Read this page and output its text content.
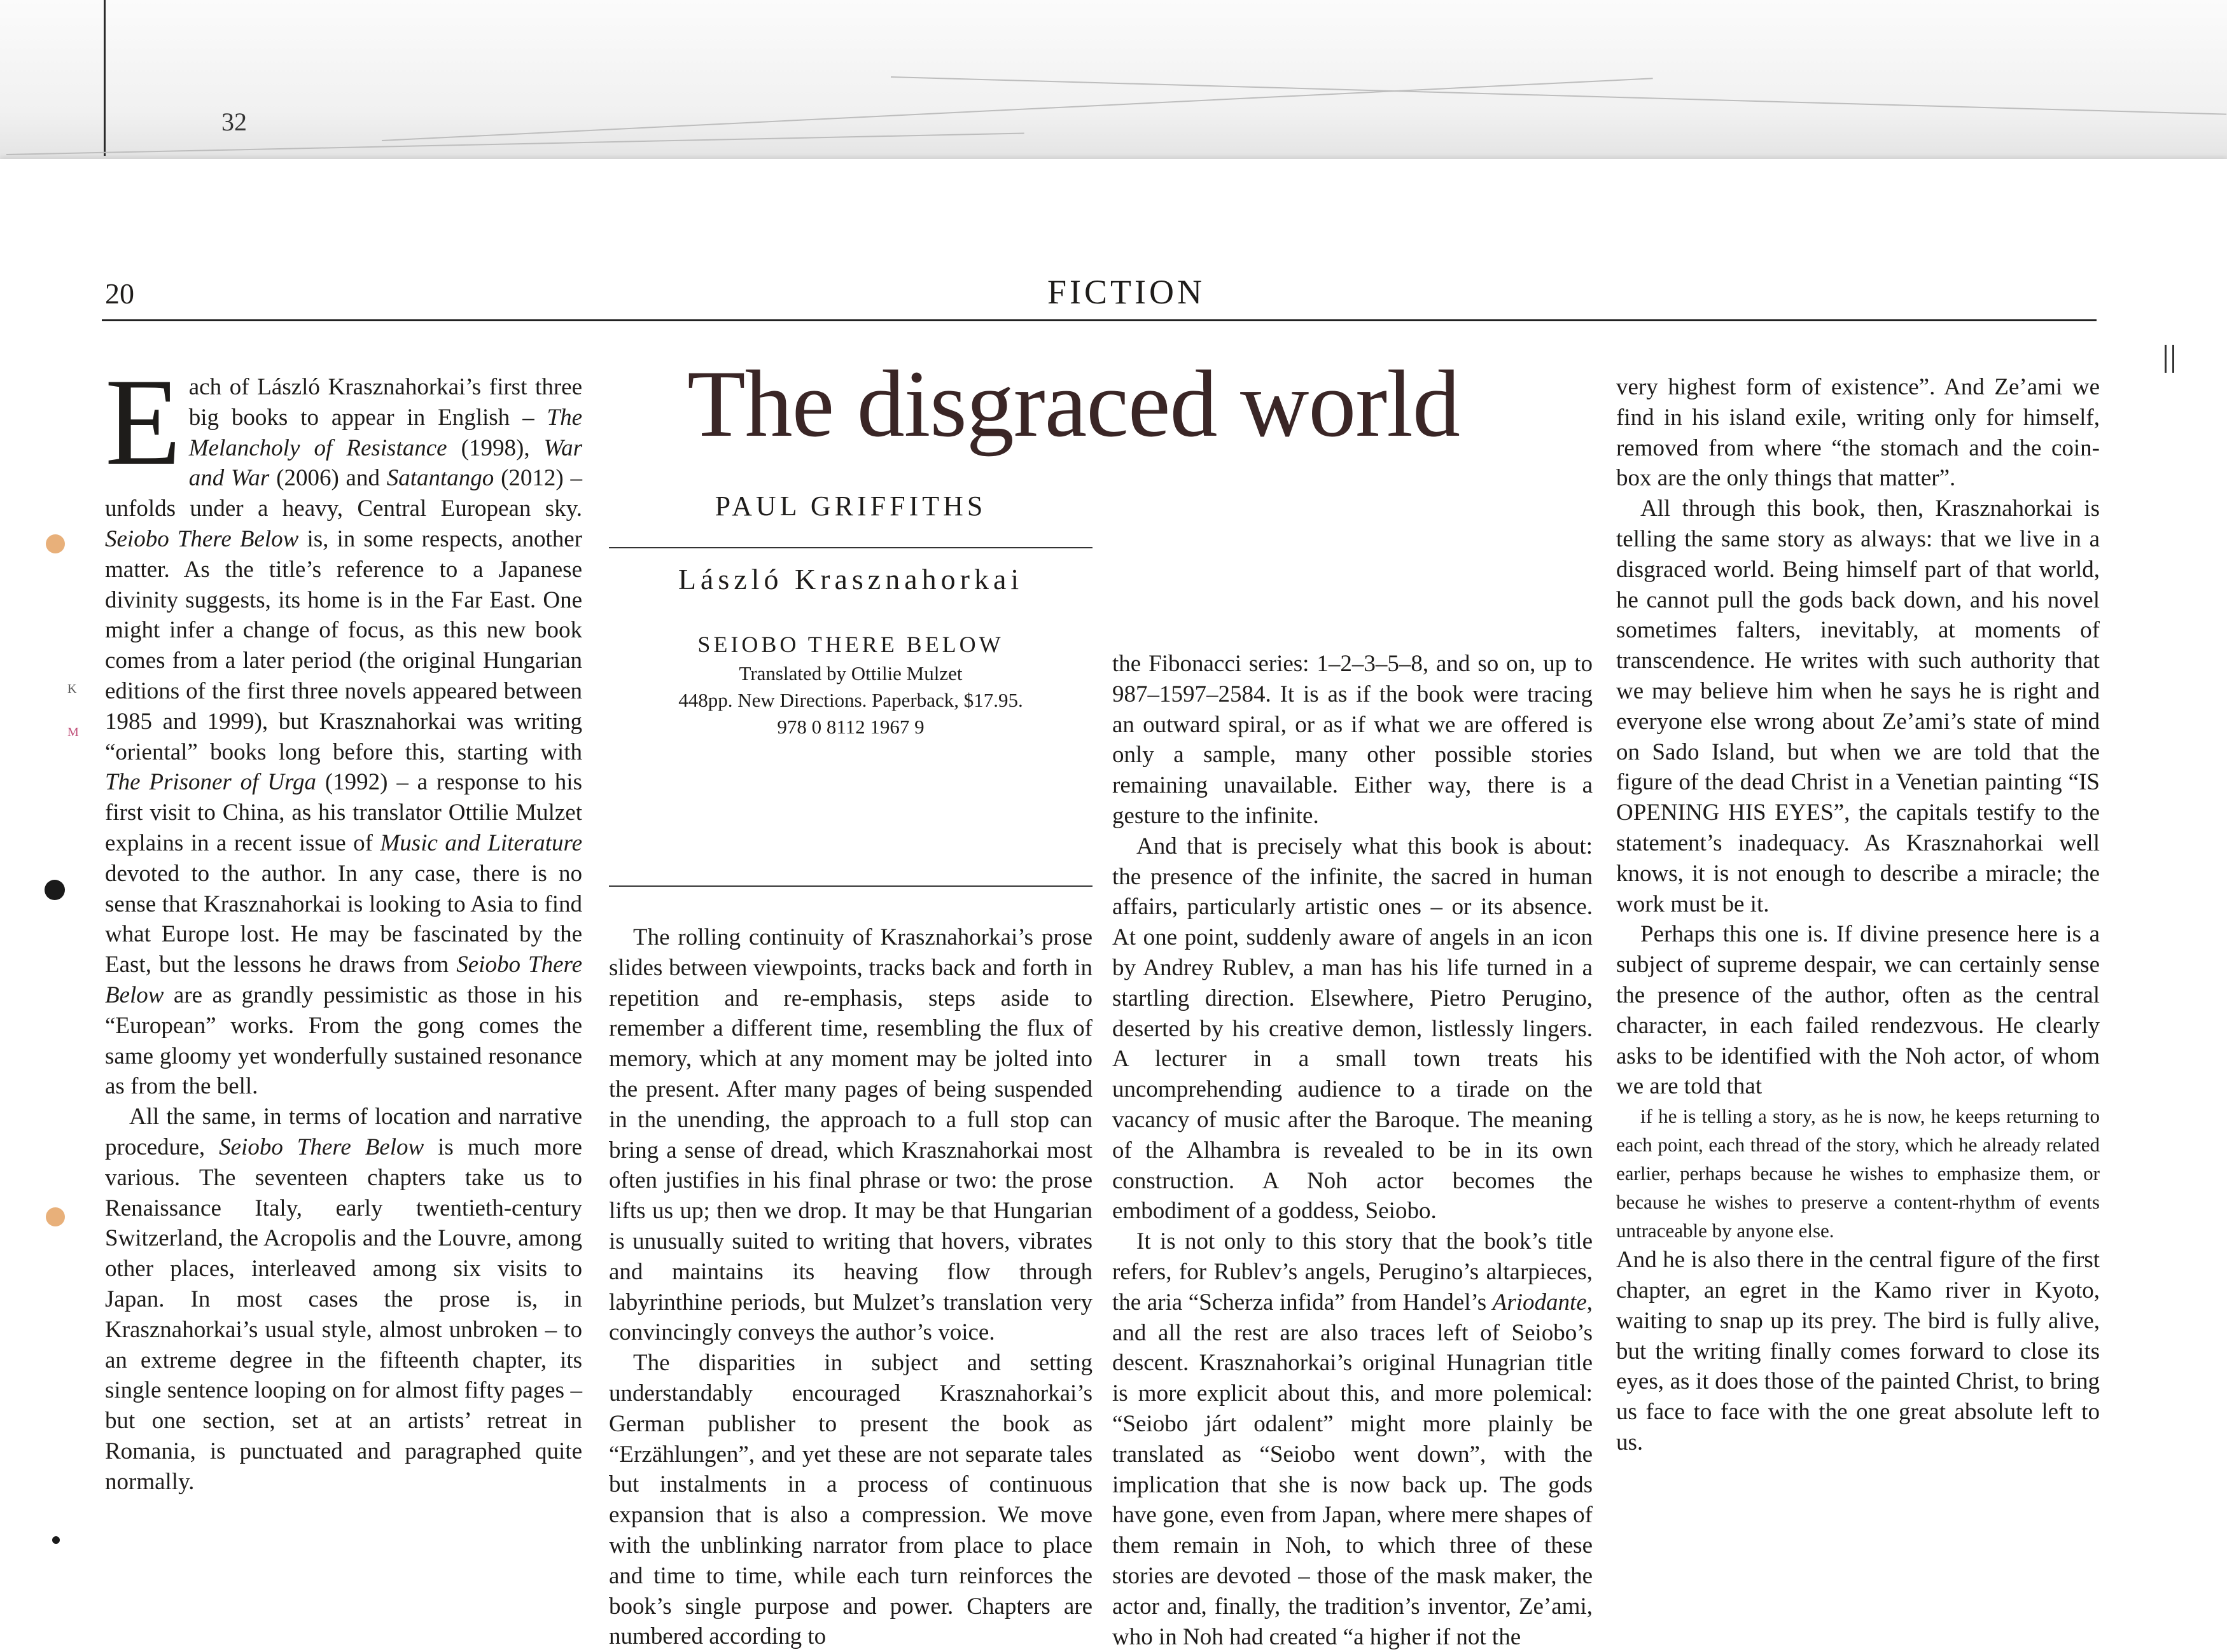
32
20	FICTION
K
M
The disgraced world
PAUL GRIFFITHS

László Krasznahorkai

SEIOBO THERE BELOW

Translated by Ottilie Mulzet

448pp. New Directions. Paperback, $17.95.

978 0 8112 1967 9

Each of László Krasznahorkai’s first three big books to appear in English – The Melancholy of Resistance (1998), War and War (2006) and Satantango (2012) – unfolds under a heavy, Central European sky. Seiobo There Below is, in some respects, another matter. As the title’s reference to a Japanese divinity suggests, its home is in the Far East. One might infer a change of focus, as this new book comes from a later period (the original Hungarian editions of the first three novels appeared between 1985 and 1999), but Krasznahorkai was writing “oriental” books long before this, starting with The Prisoner of Urga (1992) – a response to his first visit to China, as his translator Ottilie Mulzet explains in a recent issue of Music and Literature devoted to the author. In any case, there is no sense that Krasznahorkai is looking to Asia to find what Europe lost. He may be fascinated by the East, but the lessons he draws from Seiobo There Below are as grandly pessimistic as those in his “European” works. From the gong comes the same gloomy yet wonderfully sustained resonance as from the bell.

All the same, in terms of location and narrative procedure, Seiobo There Below is much more various. The seventeen chapters take us to Renaissance Italy, early twentieth-century Switzerland, the Acropolis and the Louvre, among other places, interleaved among six visits to Japan. In most cases the prose is, in Krasznahorkai’s usual style, almost unbroken – to an extreme degree in the fifteenth chapter, its single sentence looping on for almost fifty pages – but one section, set at an artists’ retreat in Romania, is punctuated and paragraphed quite normally.

The rolling continuity of Krasznahorkai’s prose slides between viewpoints, tracks back and forth in repetition and re-emphasis, steps aside to remember a different time, resembling the flux of memory, which at any moment may be jolted into the present. After many pages of being suspended in the unending, the approach to a full stop can bring a sense of dread, which Krasznahorkai most often justifies in his final phrase or two: the prose lifts us up; then we drop. It may be that Hungarian is unusually suited to writing that hovers, vibrates and maintains its heaving flow through labyrinthine periods, but Mulzet’s translation very convincingly conveys the author’s voice.

The disparities in subject and setting understandably encouraged Krasznahorkai’s German publisher to present the book as “Erzählungen”, and yet these are not separate tales but instalments in a process of continuous expansion that is also a compression. We move with the unblinking narrator from place to place and time to time, while each turn reinforces the book’s single purpose and power. Chapters are numbered according to

the Fibonacci series: 1–2–3–5–8, and so on, up to 987–1597–2584. It is as if the book were tracing an outward spiral, or as if what we are offered is only a sample, many other possible stories remaining unavailable. Either way, there is a gesture to the infinite.

And that is precisely what this book is about: the presence of the infinite, the sacred in human affairs, particularly artistic ones – or its absence. At one point, suddenly aware of angels in an icon by Andrey Rublev, a man has his life turned in a startling direction. Elsewhere, Pietro Perugino, deserted by his creative demon, listlessly lingers. A lecturer in a small town treats his uncomprehending audience to a tirade on the vacancy of music after the Baroque. The meaning of the Alhambra is revealed to be in its own construction. A Noh actor becomes the embodiment of a goddess, Seiobo.

It is not only to this story that the book’s title refers, for Rublev’s angels, Perugino’s altarpieces, the aria “Scherza infida” from Handel’s Ariodante, and all the rest are also traces left of Seiobo’s descent. Krasznahorkai’s original Hunagrian title is more explicit about this, and more polemical: “Seiobo járt odalent” might more plainly be translated as “Seiobo went down”, with the implication that she is now back up. The gods have gone, even from Japan, where mere shapes of them remain in Noh, to which three of these stories are devoted – those of the mask maker, the actor and, finally, the tradition’s inventor, Ze’ami, who in Noh had created “a higher if not the

very highest form of existence”. And Ze’ami we find in his island exile, writing only for himself, removed from where “the stomach and the coin-box are the only things that matter”.

All through this book, then, Krasznahorkai is telling the same story as always: that we live in a disgraced world. Being himself part of that world, he cannot pull the gods back down, and his novel sometimes falters, inevitably, at moments of transcendence. He writes with such authority that we may believe him when he says he is right and everyone else wrong about Ze’ami’s state of mind on Sado Island, but when we are told that the figure of the dead Christ in a Venetian painting “IS OPENING HIS EYES”, the capitals testify to the statement’s inadequacy. As Krasznahorkai well knows, it is not enough to describe a miracle; the work must be it.

Perhaps this one is. If divine presence here is a subject of supreme despair, we can certainly sense the presence of the author, often as the central character, in each failed rendezvous. He clearly asks to be identified with the Noh actor, of whom we are told that

if he is telling a story, as he is now, he keeps returning to each point, each thread of the story, which he already related earlier, perhaps because he wishes to emphasize them, or because he wishes to preserve a content-rhythm of events untraceable by anyone else.

And he is also there in the central figure of the first chapter, an egret in the Kamo river in Kyoto, waiting to snap up its prey. The bird is fully alive, but the writing finally comes forward to close its eyes, as it does those of the painted Christ, to bring us face to face with the one great absolute left to us.
